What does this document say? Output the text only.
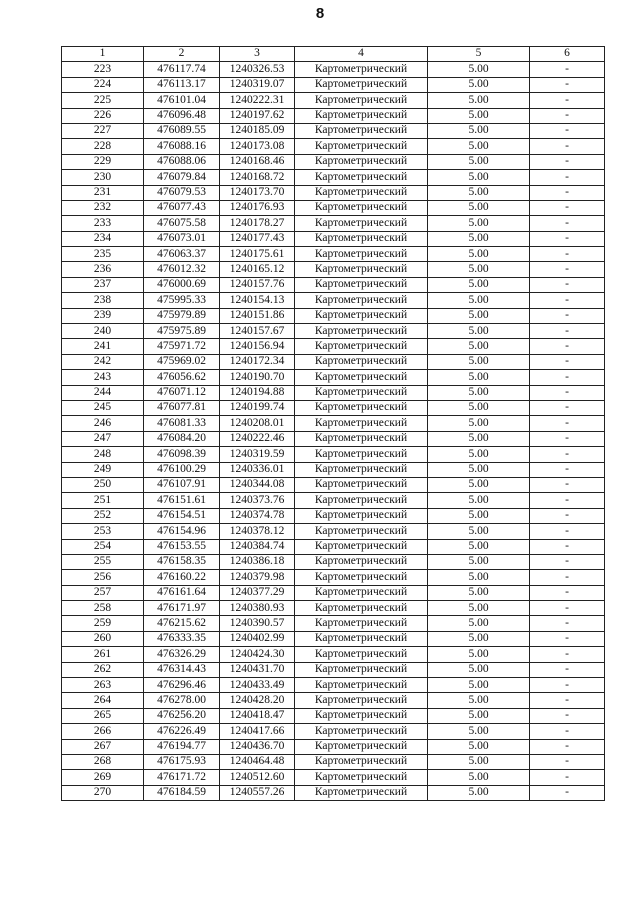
8
1	2	3	4	5	6
223	476117.74	1240326.53	Картометрический	5.00	-
224	476113.17	1240319.07	Картометрический	5.00	-
225	476101.04	1240222.31	Картометрический	5.00	-
226	476096.48	1240197.62	Картометрический	5.00	-
227	476089.55	1240185.09	Картометрический	5.00	-
228	476088.16	1240173.08	Картометрический	5.00	-
229	476088.06	1240168.46	Картометрический	5.00	-
230	476079.84	1240168.72	Картометрический	5.00	-
231	476079.53	1240173.70	Картометрический	5.00	-
232	476077.43	1240176.93	Картометрический	5.00	-
233	476075.58	1240178.27	Картометрический	5.00	-
234	476073.01	1240177.43	Картометрический	5.00	-
235	476063.37	1240175.61	Картометрический	5.00	-
236	476012.32	1240165.12	Картометрический	5.00	-
237	476000.69	1240157.76	Картометрический	5.00	-
238	475995.33	1240154.13	Картометрический	5.00	-
239	475979.89	1240151.86	Картометрический	5.00	-
240	475975.89	1240157.67	Картометрический	5.00	-
241	475971.72	1240156.94	Картометрический	5.00	-
242	475969.02	1240172.34	Картометрический	5.00	-
243	476056.62	1240190.70	Картометрический	5.00	-
244	476071.12	1240194.88	Картометрический	5.00	-
245	476077.81	1240199.74	Картометрический	5.00	-
246	476081.33	1240208.01	Картометрический	5.00	-
247	476084.20	1240222.46	Картометрический	5.00	-
248	476098.39	1240319.59	Картометрический	5.00	-
249	476100.29	1240336.01	Картометрический	5.00	-
250	476107.91	1240344.08	Картометрический	5.00	-
251	476151.61	1240373.76	Картометрический	5.00	-
252	476154.51	1240374.78	Картометрический	5.00	-
253	476154.96	1240378.12	Картометрический	5.00	-
254	476153.55	1240384.74	Картометрический	5.00	-
255	476158.35	1240386.18	Картометрический	5.00	-
256	476160.22	1240379.98	Картометрический	5.00	-
257	476161.64	1240377.29	Картометрический	5.00	-
258	476171.97	1240380.93	Картометрический	5.00	-
259	476215.62	1240390.57	Картометрический	5.00	-
260	476333.35	1240402.99	Картометрический	5.00	-
261	476326.29	1240424.30	Картометрический	5.00	-
262	476314.43	1240431.70	Картометрический	5.00	-
263	476296.46	1240433.49	Картометрический	5.00	-
264	476278.00	1240428.20	Картометрический	5.00	-
265	476256.20	1240418.47	Картометрический	5.00	-
266	476226.49	1240417.66	Картометрический	5.00	-
267	476194.77	1240436.70	Картометрический	5.00	-
268	476175.93	1240464.48	Картометрический	5.00	-
269	476171.72	1240512.60	Картометрический	5.00	-
270	476184.59	1240557.26	Картометрический	5.00	-
